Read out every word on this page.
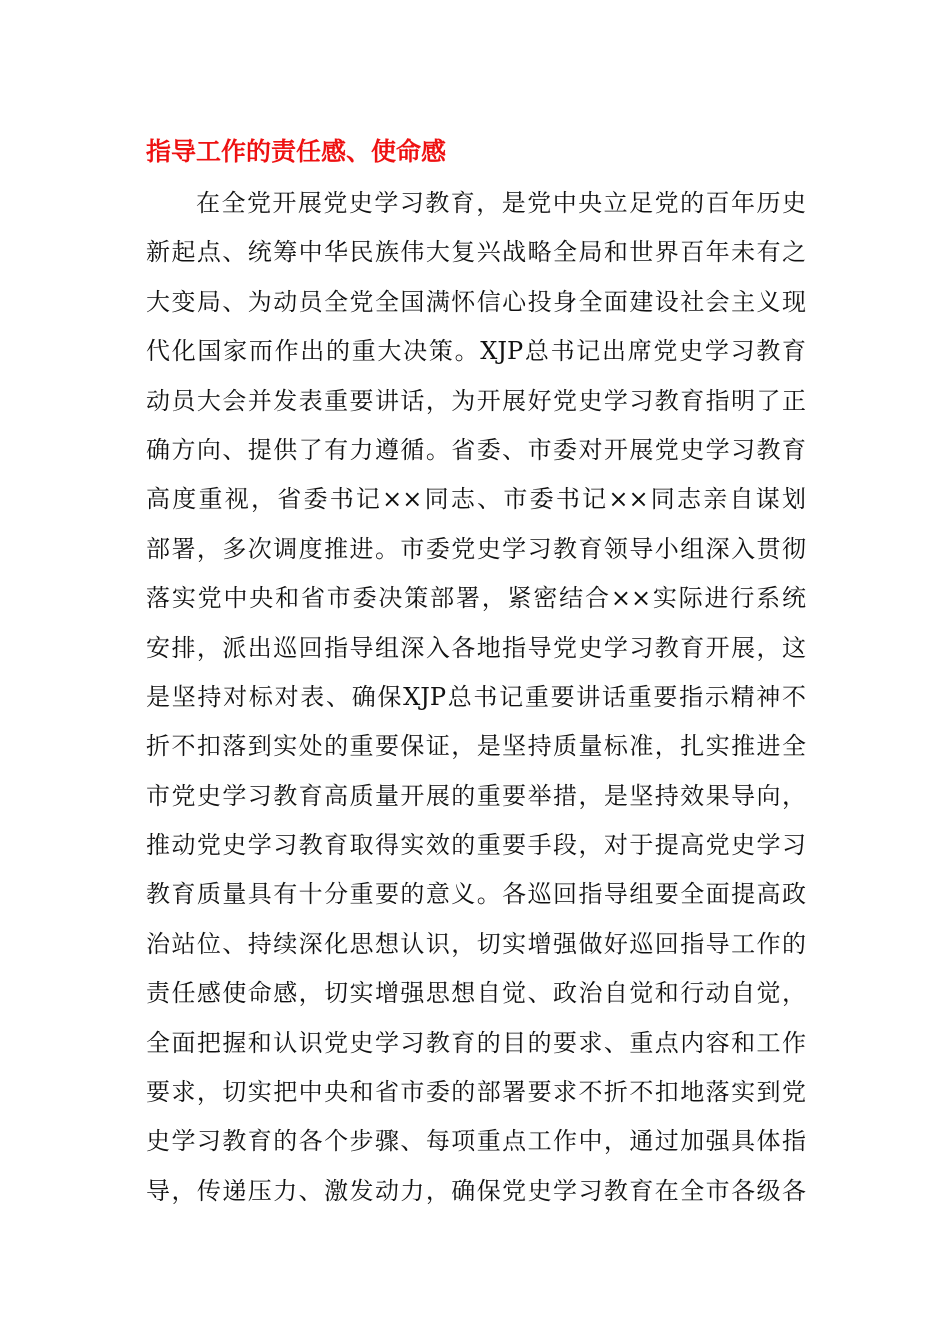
指导工作的责任感、使命感
在全党开展党史学习教育，是党中央立足党的百年历史
新起点、统筹中华民族伟大复兴战略全局和世界百年未有之
大变局、为动员全党全国满怀信心投身全面建设社会主义现
代化国家而作出的重大决策。XJP总书记出席党史学习教育
动员大会并发表重要讲话，为开展好党史学习教育指明了正
确方向、提供了有力遵循。省委、市委对开展党史学习教育
高度重视，省委书记××同志、市委书记××同志亲自谋划
部署，多次调度推进。市委党史学习教育领导小组深入贯彻
落实党中央和省市委决策部署，紧密结合××实际进行系统
安排，派出巡回指导组深入各地指导党史学习教育开展，这
是坚持对标对表、确保XJP总书记重要讲话重要指示精神不
折不扣落到实处的重要保证，是坚持质量标准，扎实推进全
市党史学习教育高质量开展的重要举措，是坚持效果导向，
推动党史学习教育取得实效的重要手段，对于提高党史学习
教育质量具有十分重要的意义。各巡回指导组要全面提高政
治站位、持续深化思想认识，切实增强做好巡回指导工作的
责任感使命感，切实增强思想自觉、政治自觉和行动自觉，
全面把握和认识党史学习教育的目的要求、重点内容和工作
要求，切实把中央和省市委的部署要求不折不扣地落实到党
史学习教育的各个步骤、每项重点工作中，通过加强具体指
导，传递压力、激发动力，确保党史学习教育在全市各级各
